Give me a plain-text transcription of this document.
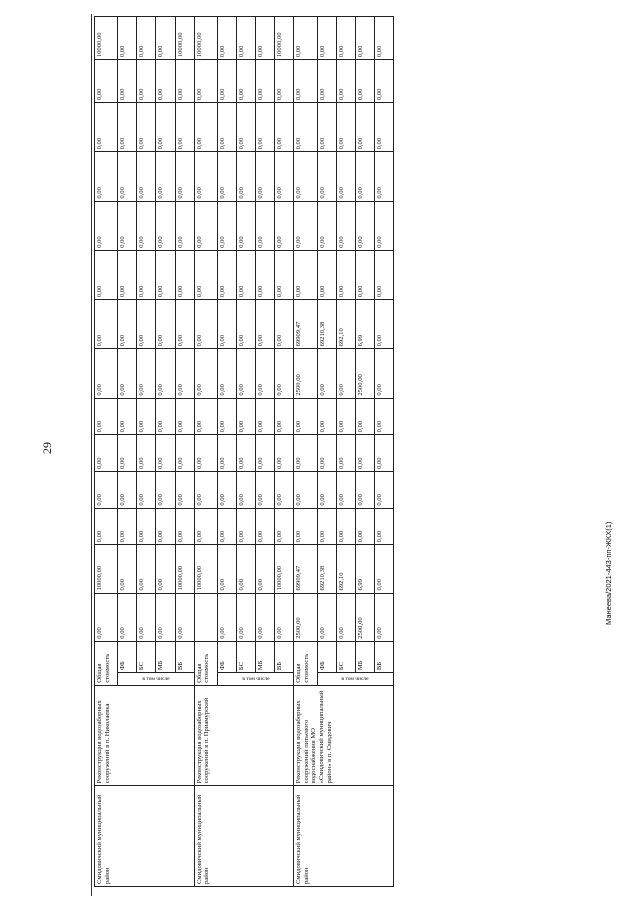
29
Манеева/2021-443-пп-ЖКХ(1)
Смидовичский муниципальный район	Реконструкция водозаборных сооружений в п. Николаевка	Общая стоимость		0,00	10000,00	0,00	0,00	0,00	0,00	0,00	0,00	0,00	0,00	0,00	0,00	0,00	10000,00

		в том числе	ФБ	0,00	0,00	0,00	0,00	0,00	0,00	0,00	0,00	0,00	0,00	0,00	0,00	0,00	0,00
			БС	0,00	0,00	0,00	0,00	0,00	0,00	0,00	0,00	0,00	0,00	0,00	0,00	0,00	0,00
			МБ	0,00	0,00	0,00	0,00	0,00	0,00	0,00	0,00	0,00	0,00	0,00	0,00	0,00	0,00
			ВБ	0,00	10000,00	0,00	0,00	0,00	0,00	0,00	0,00	0,00	0,00	0,00	0,00	0,00	10000,00
Смидовичский муниципальный район	Реконструкция водозаборных сооружений в п. Приамурский	Общая стоимость			10000,00	0,00	0,00	0,00	0,00	0,00	0,00	0,00	0,00	0,00	0,00	0,00	10000,00

		в том числе	ФБ	0,00	0,00	0,00	0,00	0,00	0,00	0,00	0,00	0,00	0,00	0,00	0,00	0,00	0,00
			БС	0,00	0,00	0,00	0,00	0,00	0,00	0,00	0,00	0,00	0,00	0,00	0,00	0,00	0,00
			МБ	0,00	0,00	0,00	0,00	0,00	0,00	0,00	0,00	0,00	0,00	0,00	0,00	0,00	0,00
			ВБ	0,00	10000,00	0,00	0,00	0,00	0,00	0,00	0,00	0,00	0,00	0,00	0,00	0,00	10000,00
Смидовичский муниципальный район	Реконструкция водозаборных сооружений питьевого водоснабжения МО «Смидовичский муниципальный район» в п. Смидович	Общая стоимость		2500,00	69909,47	0,00	0,00	0,00	0,00	2500,00	69909,47	0,00	0,00	0,00	0,00	0,00	0,00

		в том числе	ФБ	0,00	69210,38	0,00	0,00	0,00	0,00	0,00	69210,38	0,00	0,00	0,00	0,00	0,00	0,00
			БС	0,00	692,10	0,00	0,00	0,00	0,00	0,00	692,10	0,00	0,00	0,00	0,00	0,00	0,00
			МБ	2500,00	6,99	0,00	0,00	0,00	0,00	2500,00	6,99	0,00	0,00	0,00	0,00	0,00	0,00
			ВБ	0,00	0,00	0,00	0,00	0,00	0,00	0,00	0,00	0,00	0,00	0,00	0,00	0,00	0,00
